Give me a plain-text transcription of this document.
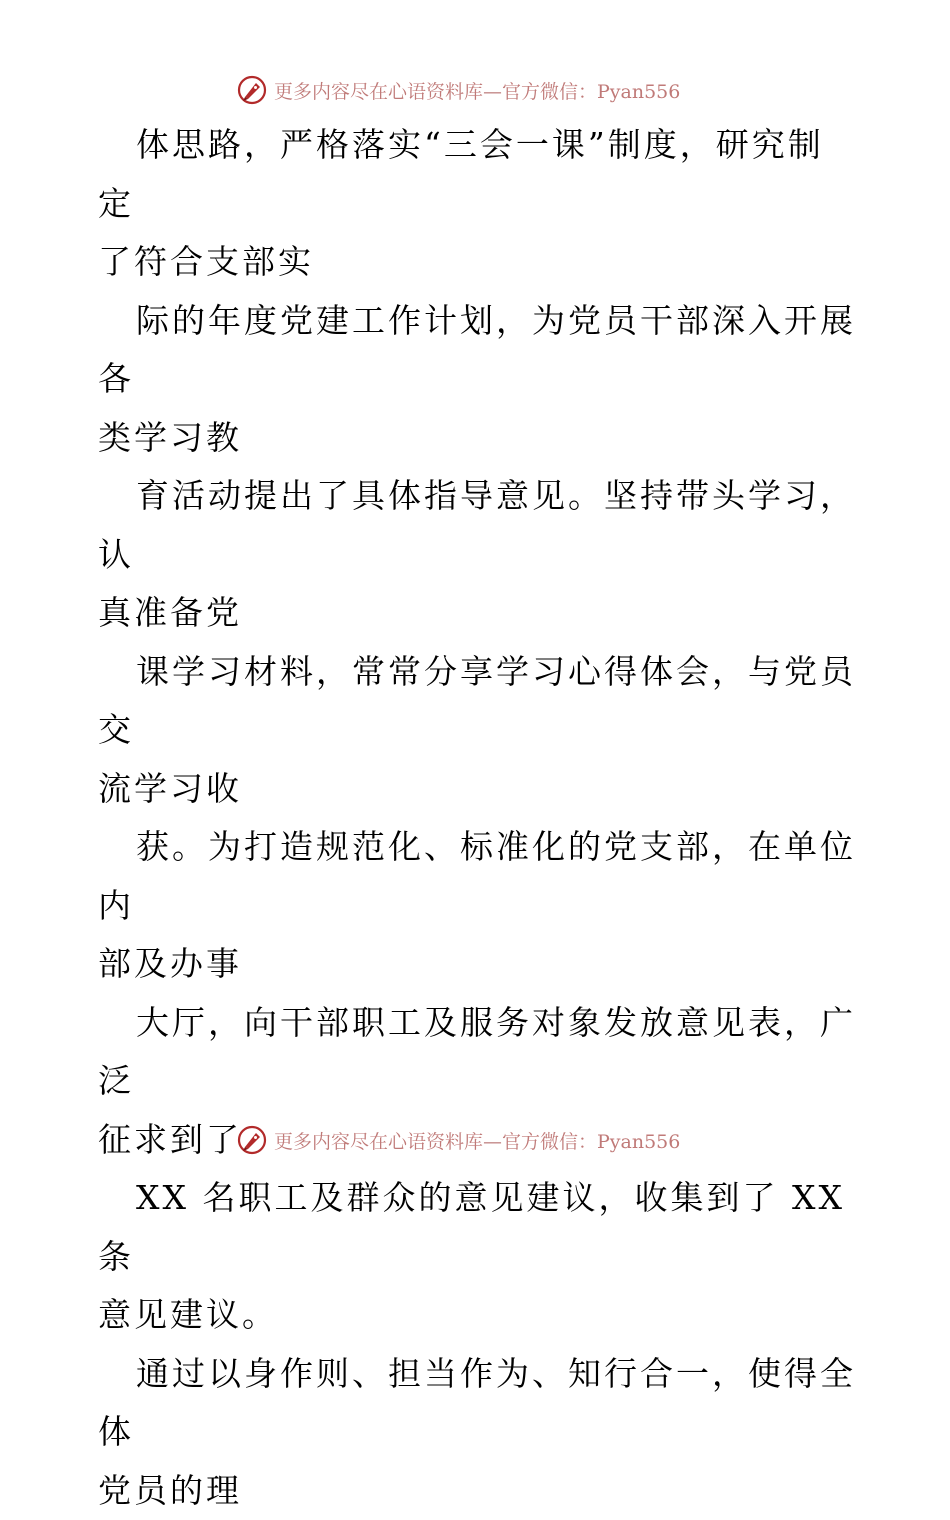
更多内容尽在心语资料库—官方微信：Pyan556

体思路，严格落实“三会一课”制度，研究制定
了符合支部实

际的年度党建工作计划，为党员干部深入开展各
类学习教

育活动提出了具体指导意见。坚持带头学习，认
真准备党

课学习材料，常常分享学习心得体会，与党员交
流学习收

获。为打造规范化、标准化的党支部，在单位内
部及办事

大厅，向干部职工及服务对象发放意见表，广泛
征求到了

XX 名职工及群众的意见建议，收集到了 XX 条
意见建议。

通过以身作则、担当作为、知行合一，使得全体
党员的理

更多内容尽在心语资料库—官方微信：Pyan556
